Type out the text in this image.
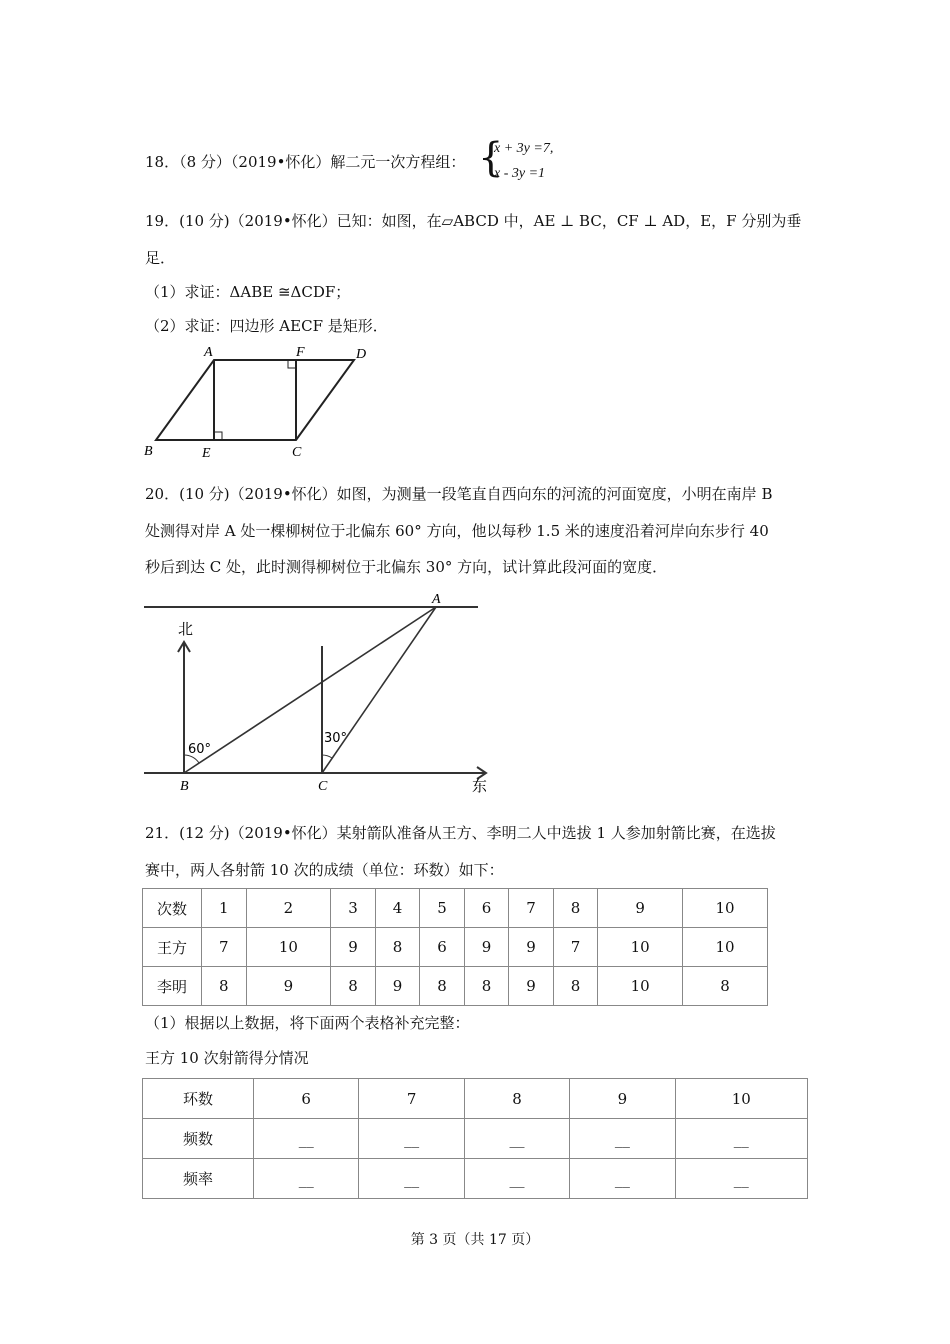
18．（8 分）（2019•怀化）解二元一次方程组： {
x + 3y =7,
x - 3y =1
19．(10 分)（2019•怀化）已知：如图，在▱ABCD 中，AE ⊥ BC，CF ⊥ AD，E，F 分别为垂
足．
（1）求证：ΔABE ≅ΔCDF；
（2）求证：四边形 AECF 是矩形．
A	F	D
B	E	C
20．(10 分)（2019•怀化）如图，为测量一段笔直自西向东的河流的河面宽度，小明在南岸 B
处测得对岸 A 处一棵柳树位于北偏东 60° 方向，他以每秒 1.5 米的速度沿着河岸向东步行 40
秒后到达 C 处，此时测得柳树位于北偏东 30° 方向，试计算此段河面的宽度．
北
东
60°
30°
A
B	C
21．(12 分)（2019•怀化）某射箭队准备从王方、李明二人中选拔 1 人参加射箭比赛，在选拔
赛中，两人各射箭 10 次的成绩（单位：环数）如下：
次数	1	2	3	4	5	6	7	8	9	10
王方	7	10	9	8	6	9	9	7	10	10
李明	8	9	8	9	8	8	9	8	10	8
（1）根据以上数据，将下面两个表格补充完整：
王方 10 次射箭得分情况
环数	6	7	8	9	10
频数	__	__	__	__	__
频率	__	__	__	__	__
第 3 页（共 17 页）
